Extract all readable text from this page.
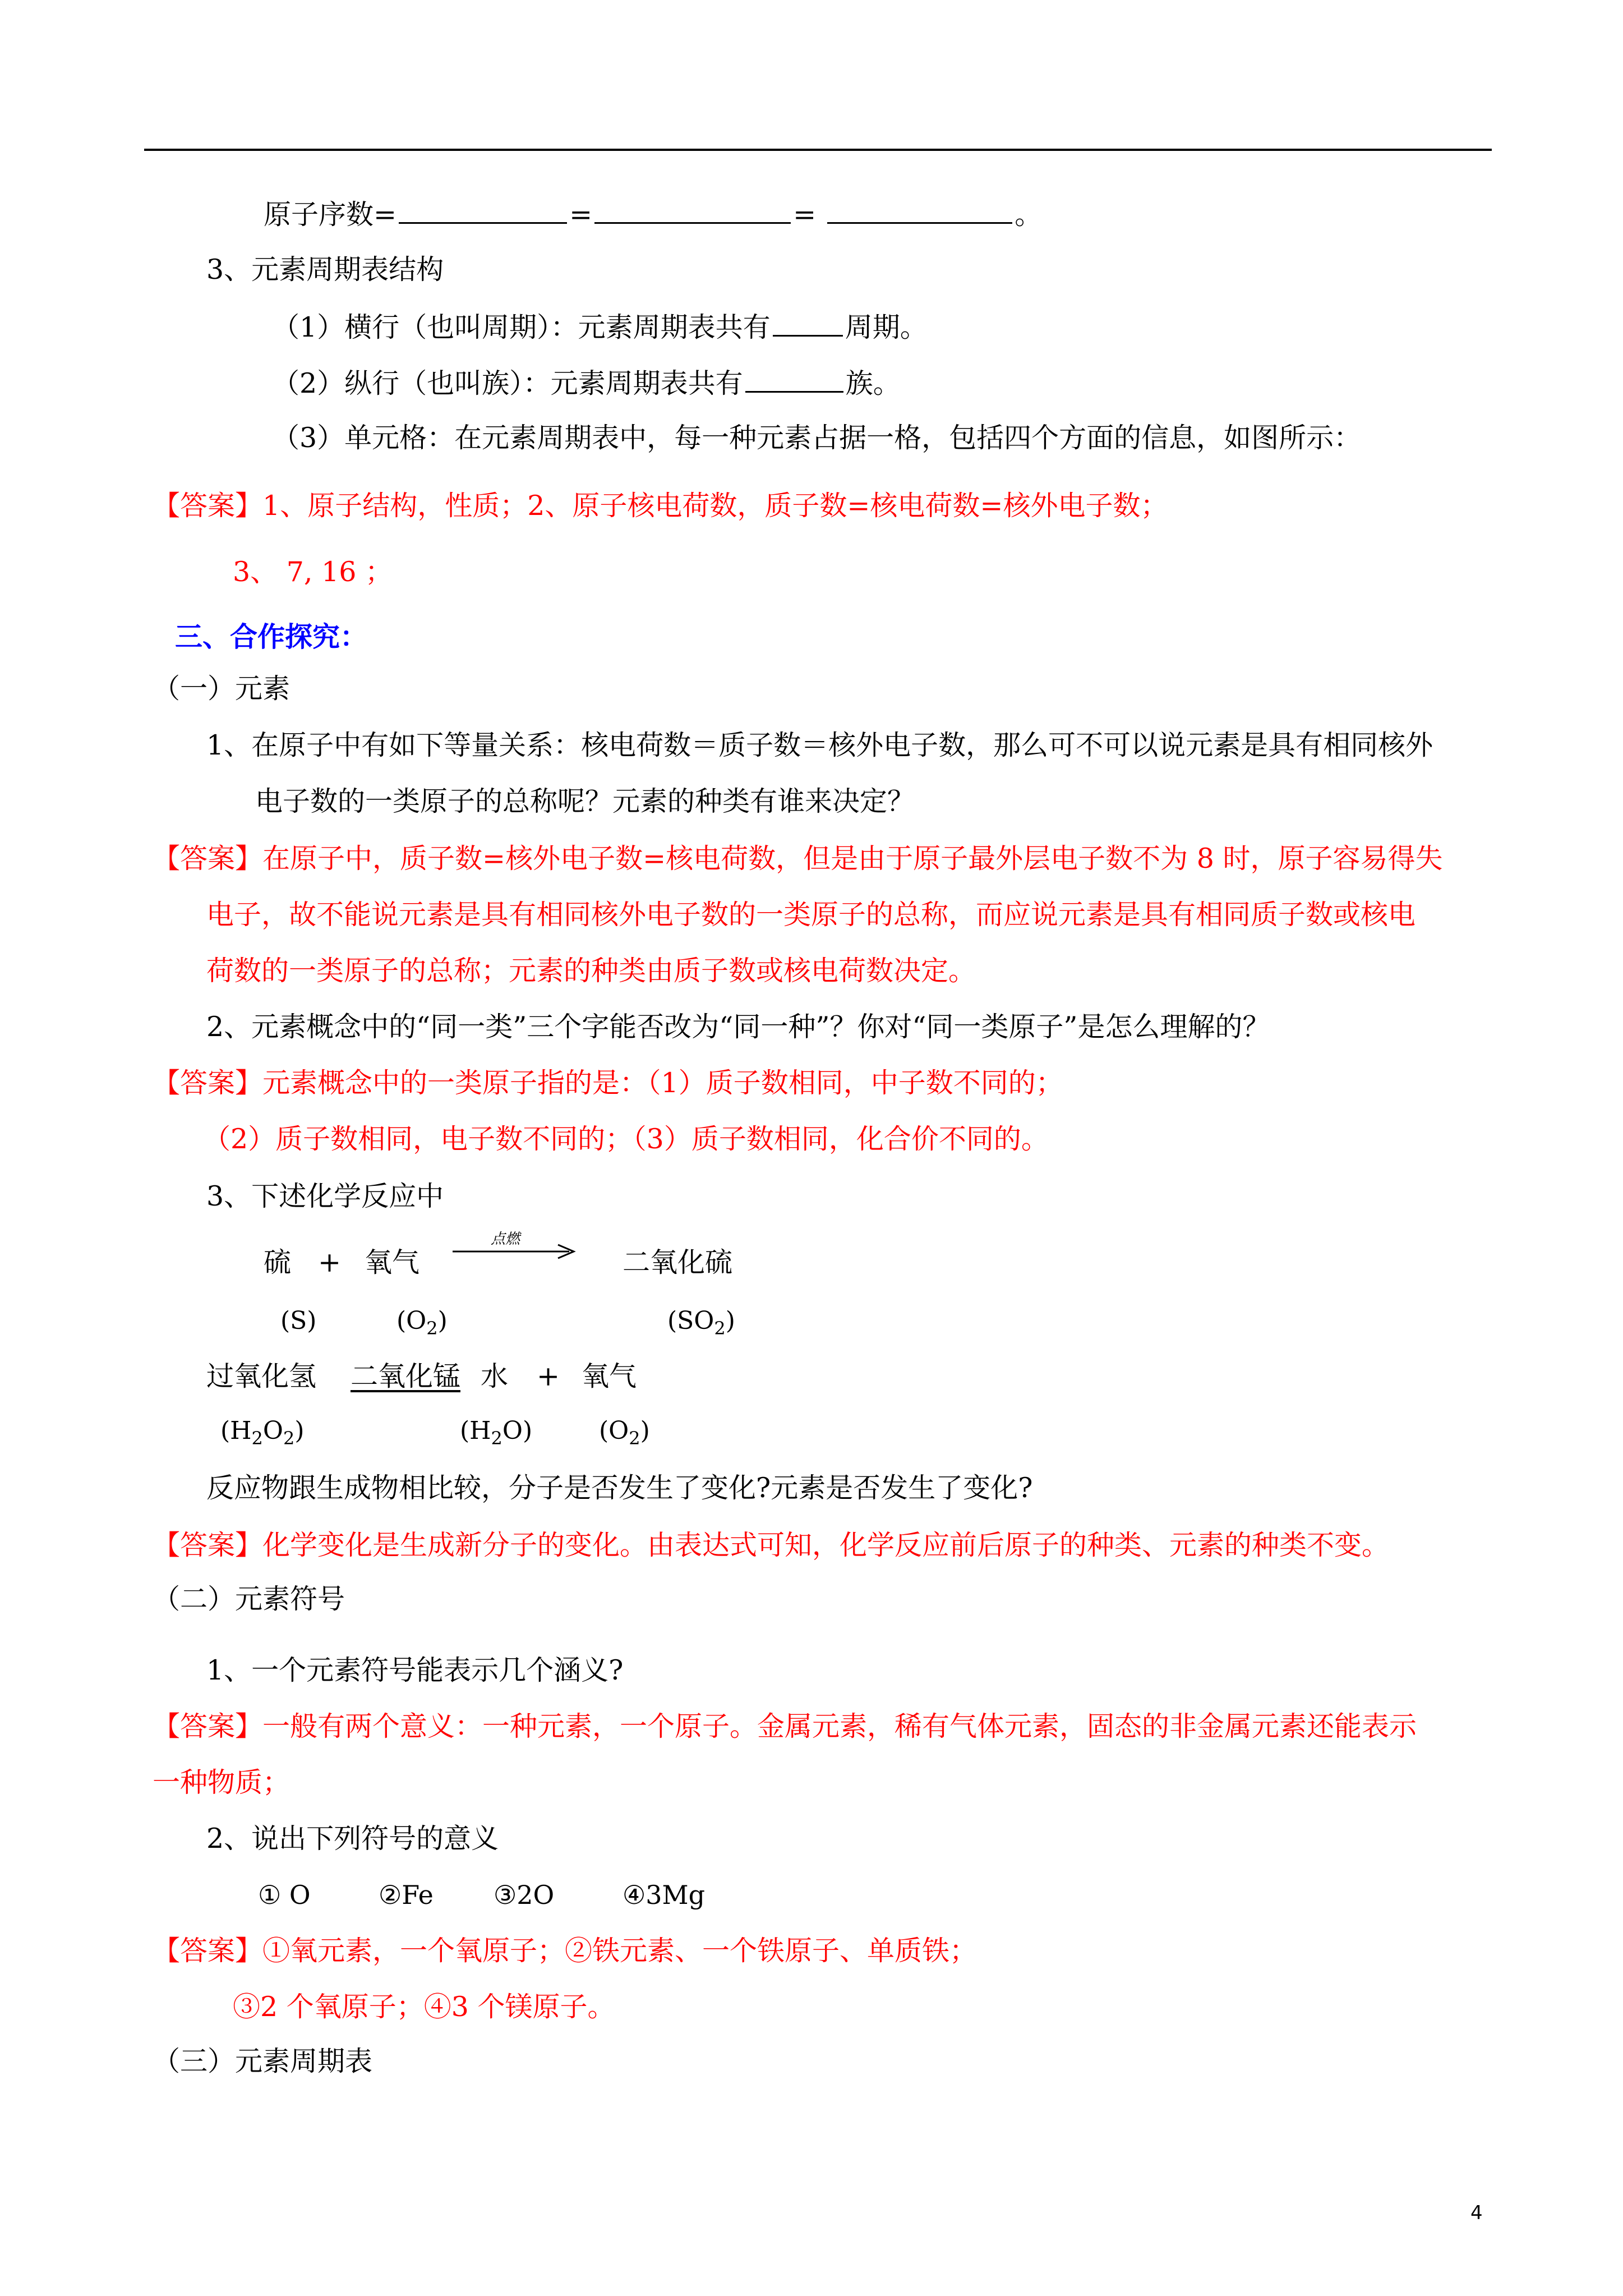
原子序数=	=	=	。
3、元素周期表结构
（1）横行（也叫周期）：元素周期表共有	周期。
（2）纵行（也叫族）：元素周期表共有	族。
（3）单元格：在元素周期表中，每一种元素占据一格，包括四个方面的信息，如图所示：
【答案】1、原子结构，性质；2、原子核电荷数，质子数=核电荷数=核外电子数；
3、 7, 16 ；
三、合作探究：
（一）元素
1、在原子中有如下等量关系：核电荷数＝质子数＝核外电子数，那么可不可以说元素是具有相同核外
电子数的一类原子的总称呢？元素的种类有谁来决定？
【答案】在原子中，质子数=核外电子数=核电荷数，但是由于原子最外层电子数不为 8 时，原子容易得失
电子，故不能说元素是具有相同核外电子数的一类原子的总称，而应说元素是具有相同质子数或核电
荷数的一类原子的总称；元素的种类由质子数或核电荷数决定。
2、元素概念中的“同一类”三个字能否改为“同一种”？你对“同一类原子”是怎么理解的？
【答案】元素概念中的一类原子指的是：（1）质子数相同，中子数不同的；
（2）质子数相同，电子数不同的；（3）质子数相同，化合价不同的。
3、下述化学反应中
硫 + 氧气
点燃
二氧化硫
(S)	$(O_2)$	$(SO_2)$
过氧化氢 二氧化锰 水 + 氧气
$(H_2O_2)$	$(H_2O)$	$(O_2)$
反应物跟生成物相比较，分子是否发生了变化?元素是否发生了变化?
【答案】化学变化是生成新分子的变化。由表达式可知，化学反应前后原子的种类、元素的种类不变。
（二）元素符号
1、一个元素符号能表示几个涵义?
【答案】一般有两个意义：一种元素，一个原子。金属元素，稀有气体元素，固态的非金属元素还能表示
一种物质；
2、说出下列符号的意义
① O	②Fe ③2O	④3Mg
【答案】①氧元素，一个氧原子；②铁元素、一个铁原子、单质铁；
③2 个氧原子；④3 个镁原子。
（三）元素周期表
4
